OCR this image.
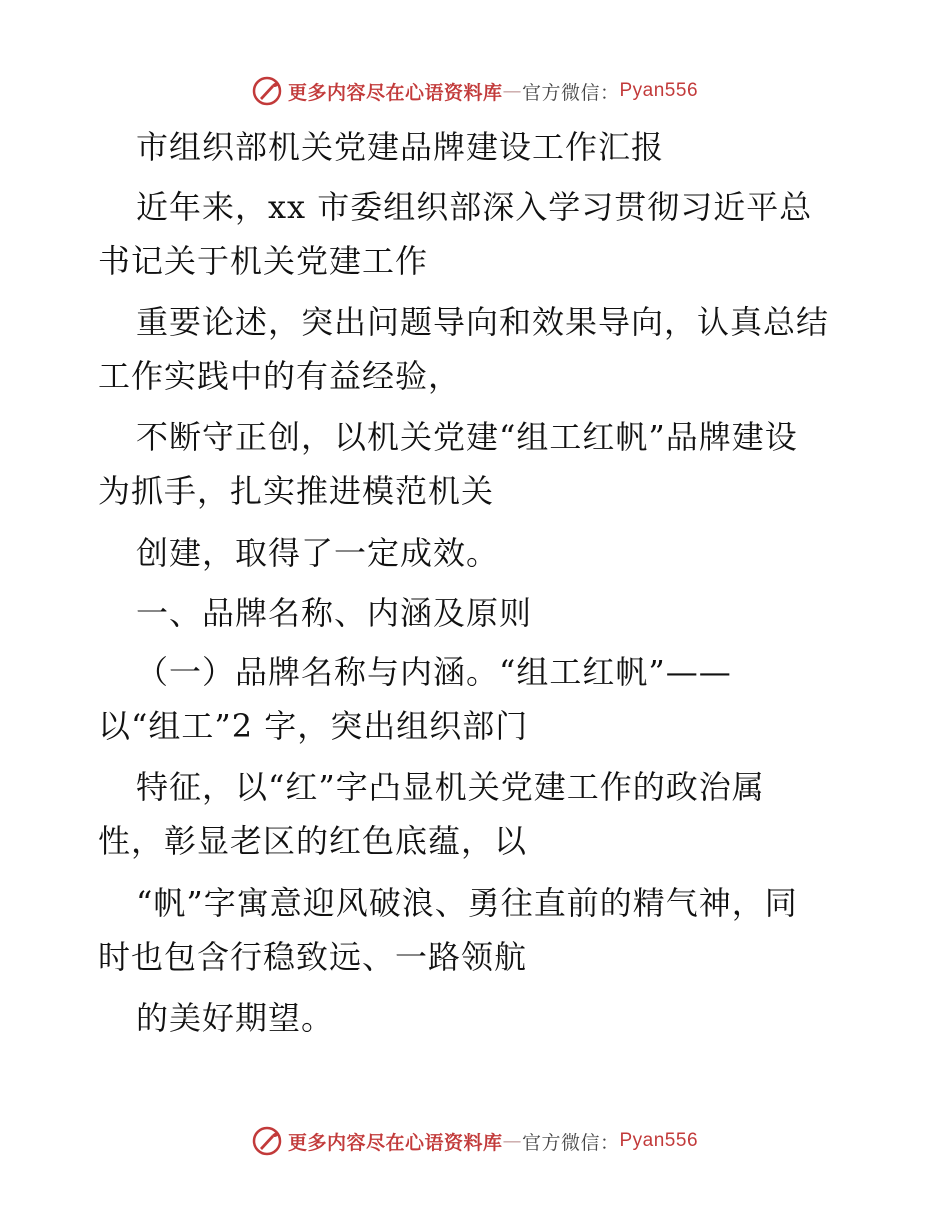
更多内容尽在心语资料库 — 官方微信： Pyan556
市组织部机关党建品牌建设工作汇报
近年来，xx 市委组织部深入学习贯彻习近平总
书记关于机关党建工作
重要论述，突出问题导向和效果导向，认真总结
工作实践中的有益经验，
不断守正创，以机关党建“组工红帆”品牌建设
为抓手，扎实推进模范机关
创建，取得了一定成效。
一、品牌名称、内涵及原则
（一）品牌名称与内涵。“组工红帆”——
以“组工”2 字，突出组织部门
特征，以“红”字凸显机关党建工作的政治属
性，彰显老区的红色底蕴，以
“帆”字寓意迎风破浪、勇往直前的精气神，同
时也包含行稳致远、一路领航
的美好期望。
更多内容尽在心语资料库 — 官方微信： Pyan556
